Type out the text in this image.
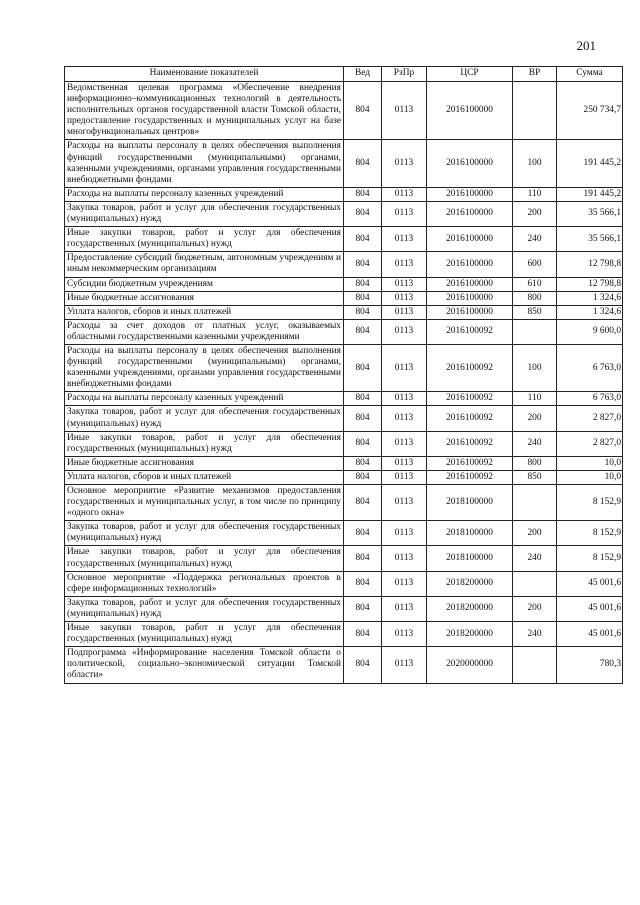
201
Наименование показателей	Вед	РзПр	ЦСР	ВР	Сумма
Ведомственная целевая программа «Обеспечение внедрения информационно–коммуникационных технологий в деятельность исполнительных органов государственной власти Томской области, предоставление государственных и муниципальных услуг на базе многофункциональных центров»	804	0113	2016100000		250 734,7
Расходы на выплаты персоналу в целях обеспечения выполнения функций государственными (муниципальными) органами, казенными учреждениями, органами управления государственными внебюджетными фондами	804	0113	2016100000	100	191 445,2
Расходы на выплаты персоналу казенных учреждений	804	0113	2016100000	110	191 445,2
Закупка товаров, работ и услуг для обеспечения государственных (муниципальных) нужд	804	0113	2016100000	200	35 566,1
Иные закупки товаров, работ и услуг для обеспечения государственных (муниципальных) нужд	804	0113	2016100000	240	35 566,1
Предоставление субсидий бюджетным, автономным учреждениям и иным некоммерческим организациям	804	0113	2016100000	600	12 798,8
Субсидии бюджетным учреждениям	804	0113	2016100000	610	12 798,8
Иные бюджетные ассигнования	804	0113	2016100000	800	1 324,6
Уплата налогов, сборов и иных платежей	804	0113	2016100000	850	1 324,6
Расходы за счет доходов от платных услуг, оказываемых областными государственными казенными учреждениями	804	0113	2016100092		9 600,0
Расходы на выплаты персоналу в целях обеспечения выполнения функций государственными (муниципальными) органами, казенными учреждениями, органами управления государственными внебюджетными фондами	804	0113	2016100092	100	6 763,0
Расходы на выплаты персоналу казенных учреждений	804	0113	2016100092	110	6 763,0
Закупка товаров, работ и услуг для обеспечения государственных (муниципальных) нужд	804	0113	2016100092	200	2 827,0
Иные закупки товаров, работ и услуг для обеспечения государственных (муниципальных) нужд	804	0113	2016100092	240	2 827,0
Иные бюджетные ассигнования	804	0113	2016100092	800	10,0
Уплата налогов, сборов и иных платежей	804	0113	2016100092	850	10,0
Основное мероприятие «Развитие механизмов предоставления государственных и муниципальных услуг, в том числе по принципу «одного окна»	804	0113	2018100000		8 152,9
Закупка товаров, работ и услуг для обеспечения государственных (муниципальных) нужд	804	0113	2018100000	200	8 152,9
Иные закупки товаров, работ и услуг для обеспечения государственных (муниципальных) нужд	804	0113	2018100000	240	8 152,9
Основное мероприятие «Поддержка региональных проектов в сфере информационных технологий»	804	0113	2018200000		45 001,6
Закупка товаров, работ и услуг для обеспечения государственных (муниципальных) нужд	804	0113	2018200000	200	45 001,6
Иные закупки товаров, работ и услуг для обеспечения государственных (муниципальных) нужд	804	0113	2018200000	240	45 001,6
Подпрограмма «Информирование населения Томской области о политической, социально–экономической ситуации Томской области»	804	0113	2020000000		780,3
